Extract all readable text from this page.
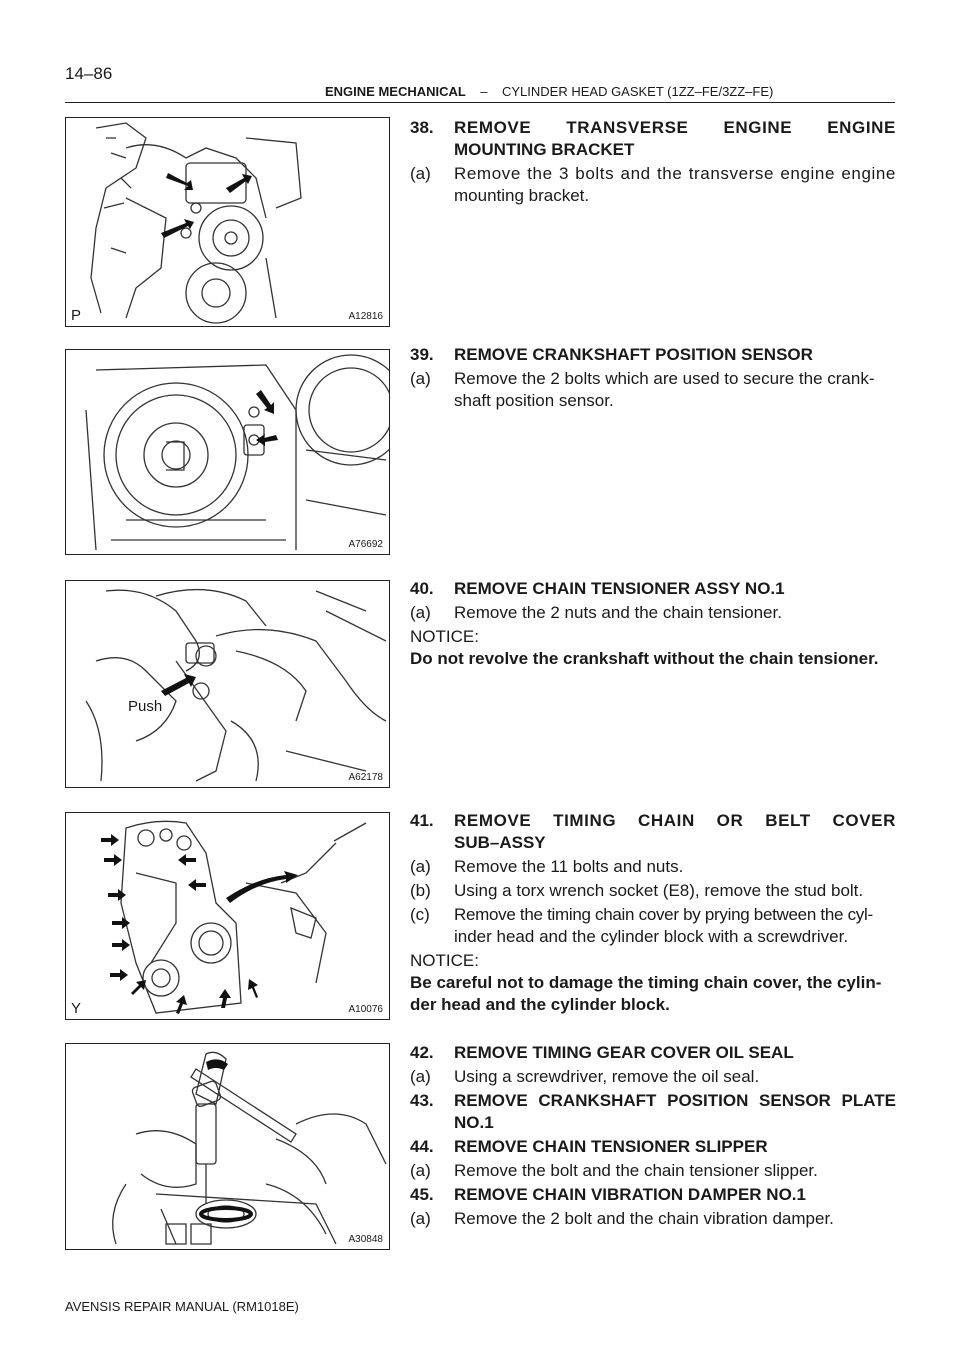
14–86
ENGINE MECHANICAL – CYLINDER HEAD GASKET (1ZZ–FE/3ZZ–FE)
P	A12816
A76692
Push
A62178
Y	A10076
A30848
38.	REMOVE TRANSVERSE ENGINE ENGINE
MOUNTING BRACKET
(a)	Remove the 3 bolts and the transverse engine engine
mounting bracket.
39.	REMOVE CRANKSHAFT POSITION SENSOR
(a)	Remove the 2 bolts which are used to secure the crank-
shaft position sensor.
40.	REMOVE CHAIN TENSIONER ASSY NO.1
(a)	Remove the 2 nuts and the chain tensioner.
NOTICE:
Do not revolve the crankshaft without the chain tensioner.
41.	REMOVE TIMING CHAIN OR BELT COVER
SUB–ASSY
(a)	Remove the 11 bolts and nuts.
(b)	Using a torx wrench socket (E8), remove the stud bolt.
(c)	Remove the timing chain cover by prying between the cyl-
inder head and the cylinder block with a screwdriver.
NOTICE:
Be careful not to damage the timing chain cover, the cylin-
der head and the cylinder block.
42.	REMOVE TIMING GEAR COVER OIL SEAL
(a)	Using a screwdriver, remove the oil seal.
43.	REMOVE CRANKSHAFT POSITION SENSOR PLATE
NO.1
44.	REMOVE CHAIN TENSIONER SLIPPER
(a)	Remove the bolt and the chain tensioner slipper.
45.	REMOVE CHAIN VIBRATION DAMPER NO.1
(a)	Remove the 2 bolt and the chain vibration damper.
AVENSIS REPAIR MANUAL (RM1018E)
